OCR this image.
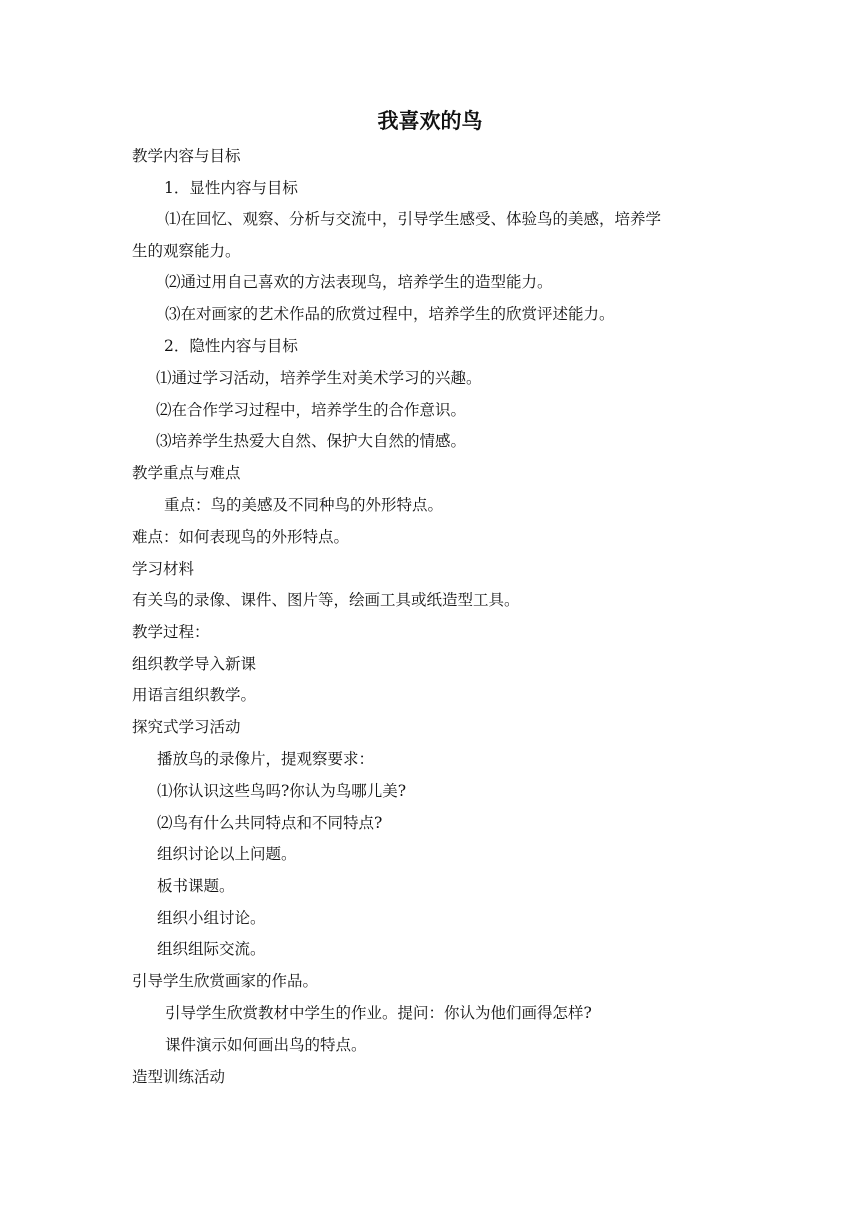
我喜欢的鸟
教学内容与目标
1．显性内容与目标
⑴在回忆、观察、分析与交流中，引导学生感受、体验鸟的美感，培养学
生的观察能力。
⑵通过用自己喜欢的方法表现鸟，培养学生的造型能力。
⑶在对画家的艺术作品的欣赏过程中，培养学生的欣赏评述能力。
2．隐性内容与目标
⑴通过学习活动，培养学生对美术学习的兴趣。
⑵在合作学习过程中，培养学生的合作意识。
⑶培养学生热爱大自然、保护大自然的情感。
教学重点与难点
重点：鸟的美感及不同种鸟的外形特点。
难点：如何表现鸟的外形特点。
学习材料
有关鸟的录像、课件、图片等，绘画工具或纸造型工具。
教学过程：
组织教学导入新课
用语言组织教学。
探究式学习活动
播放鸟的录像片，提观察要求：
⑴你认识这些鸟吗?你认为鸟哪儿美?
⑵鸟有什么共同特点和不同特点?
组织讨论以上问题。
板书课题。
组织小组讨论。
组织组际交流。
引导学生欣赏画家的作品。
引导学生欣赏教材中学生的作业。提问：你认为他们画得怎样?
课件演示如何画出鸟的特点。
造型训练活动
